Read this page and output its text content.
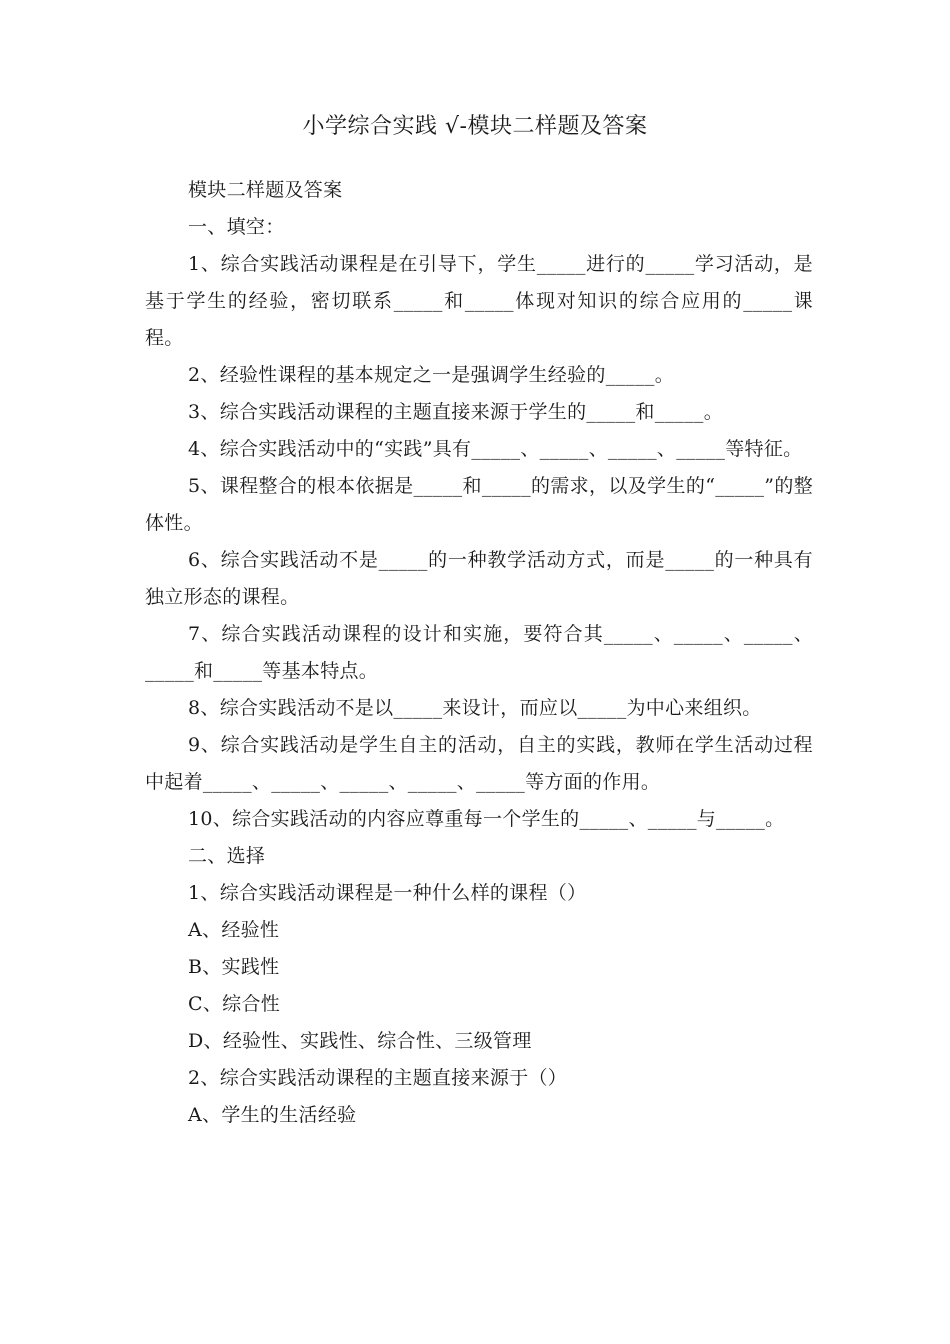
小学综合实践 √-模块二样题及答案
模块二样题及答案
一、填空：

1、综合实践活动课程是在引导下，学生_____进行的_____学习活动，是基于学生的经验，密切联系_____和_____体现对知识的综合应用的_____课程。

2、经验性课程的基本规定之一是强调学生经验的_____。

3、综合实践活动课程的主题直接来源于学生的_____和_____。

4、综合实践活动中的“实践”具有_____、_____、_____、_____等特征。

5、课程整合的根本依据是_____和_____的需求，以及学生的“_____”的整体性。

6、综合实践活动不是_____的一种教学活动方式，而是_____的一种具有独立形态的课程。

7、综合实践活动课程的设计和实施，要符合其_____、_____、_____、_____和_____等基本特点。

8、综合实践活动不是以_____来设计，而应以_____为中心来组织。

9、综合实践活动是学生自主的活动，自主的实践，教师在学生活动过程中起着_____、_____、_____、_____、_____等方面的作用。

10、综合实践活动的内容应尊重每一个学生的_____、_____与_____。

二、选择
1、综合实践活动课程是一种什么样的课程（）
A、经验性
B、实践性
C、综合性
D、经验性、实践性、综合性、三级管理
2、综合实践活动课程的主题直接来源于（）
A、学生的生活经验
